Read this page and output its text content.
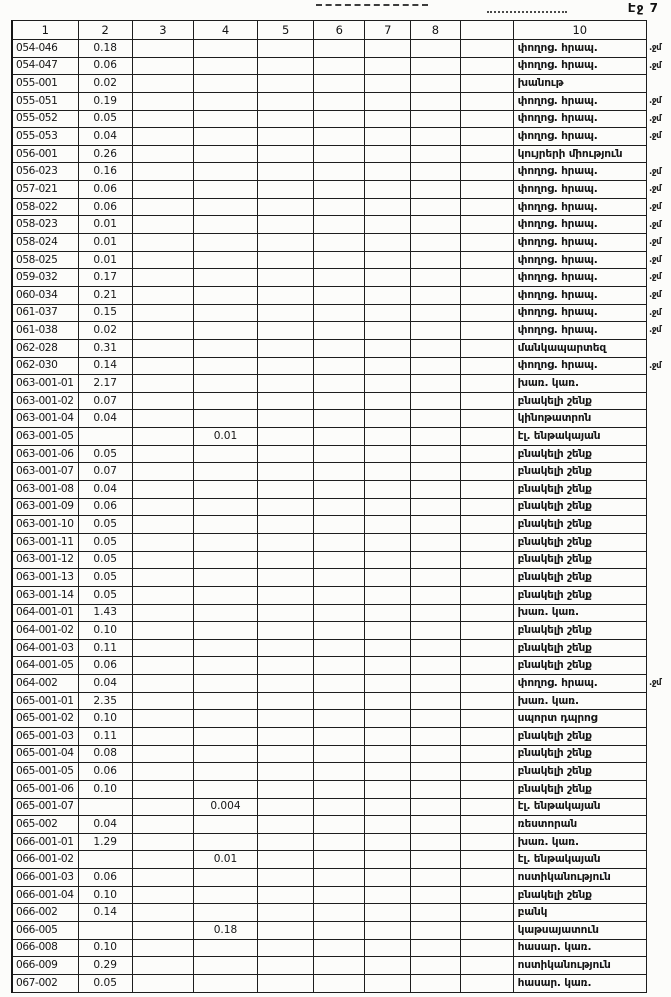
Էջ 7
1	2	3	4	5	6	7	8		10
054-046	0.18								փողոց. հրապ.
054-047	0.06								փողոց. հրապ.
055-001	0.02								խանութ
055-051	0.19								փողոց. հրապ.
055-052	0.05								փողոց. հրապ.
055-053	0.04								փողոց. հրապ.
056-001	0.26								կույրերի միություն
056-023	0.16								փողոց. հրապ.
057-021	0.06								փողոց. հրապ.
058-022	0.06								փողոց. հրապ.
058-023	0.01								փողոց. հրապ.
058-024	0.01								փողոց. հրապ.
058-025	0.01								փողոց. հրապ.
059-032	0.17								փողոց. հրապ.
060-034	0.21								փողոց. հրապ.
061-037	0.15								փողոց. հրապ.
061-038	0.02								փողոց. հրապ.
062-028	0.31								մանկապարտեզ
062-030	0.14								փողոց. հրապ.
063-001-01	2.17								խառ. կառ.
063-001-02	0.07								բնակելի շենք
063-001-04	0.04								կինոթատրոն
063-001-05			0.01						էլ. ենթակայան
063-001-06	0.05								բնակելի շենք
063-001-07	0.07								բնակելի շենք
063-001-08	0.04								բնակելի շենք
063-001-09	0.06								բնակելի շենք
063-001-10	0.05								բնակելի շենք
063-001-11	0.05								բնակելի շենք
063-001-12	0.05								բնակելի շենք
063-001-13	0.05								բնակելի շենք
063-001-14	0.05								բնակելի շենք
064-001-01	1.43								խառ. կառ.
064-001-02	0.10								բնակելի շենք
064-001-03	0.11								բնակելի շենք
064-001-05	0.06								բնակելի շենք
064-002	0.04								փողոց. հրապ.
065-001-01	2.35								խառ. կառ.
065-001-02	0.10								սպորտ դպրոց
065-001-03	0.11								բնակելի շենք
065-001-04	0.08								բնակելի շենք
065-001-05	0.06								բնակելի շենք
065-001-06	0.10								բնակելի շենք
065-001-07			0.004						էլ. ենթակայան
065-002	0.04								ռեստորան
066-001-01	1.29								խառ. կառ.
066-001-02			0.01						էլ. ենթակայան
066-001-03	0.06								ոստիկանություն
066-001-04	0.10								բնակելի շենք
066-002	0.14								բանկ
066-005			0.18						կաթսայատուն
066-008	0.10								հասար. կառ.
066-009	0.29								ոստիկանություն
067-002	0.05								հասար. կառ.
.ջմ
.ջմ
.ջմ
.ջմ
.ջմ
.ջմ
.ջմ
.ջմ
.ջմ
.ջմ
.ջմ
.ջմ
.ջմ
.ջմ
.ջմ
.ջմ
.ջմ
